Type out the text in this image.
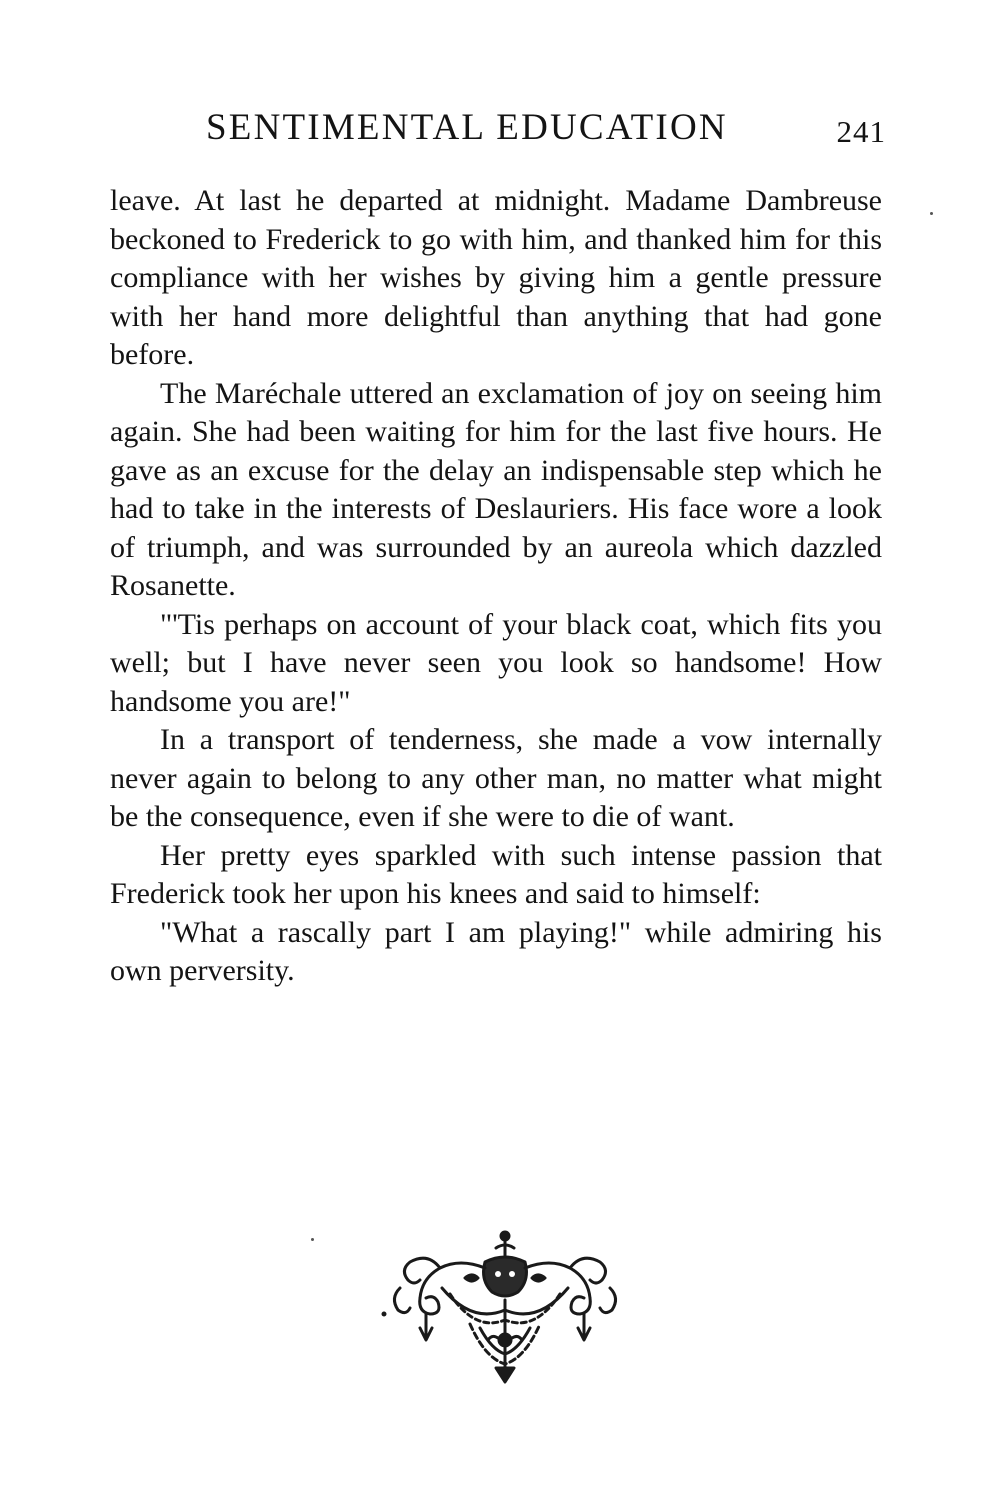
SENTIMENTAL EDUCATION	241

leave. At last he departed at midnight. Madame Dambreuse beckoned to Frederick to go with him, and thanked him for this compliance with her wishes by giving him a gentle pressure with her hand more delightful than anything that had gone before.

The Maréchale uttered an exclamation of joy on seeing him again. She had been waiting for him for the last five hours. He gave as an excuse for the delay an indispensable step which he had to take in the interests of Deslauriers. His face wore a look of triumph, and was surrounded by an aureola which dazzled Rosanette.

"'Tis perhaps on account of your black coat, which fits you well; but I have never seen you look so handsome! How handsome you are!"

In a transport of tenderness, she made a vow internally never again to belong to any other man, no matter what might be the consequence, even if she were to die of want.

Her pretty eyes sparkled with such intense passion that Frederick took her upon his knees and said to himself:

"What a rascally part I am playing!" while admiring his own perversity.
